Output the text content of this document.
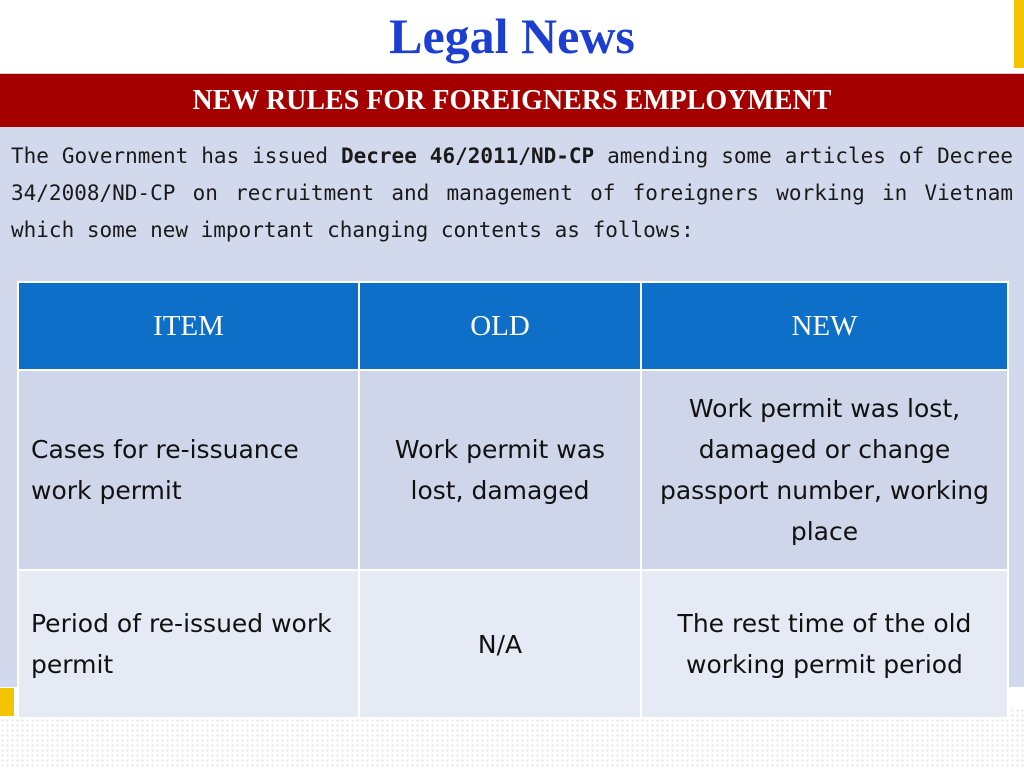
Legal News
NEW RULES FOR FOREIGNERS EMPLOYMENT
The Government has issued Decree 46/2011/ND-CP amending some articles of Decree 34/2008/ND-CP on recruitment and management of foreigners working in Vietnam which some new important changing contents as follows:
ITEM	OLD	NEW
Cases for re-issuance work permit	Work permit was lost, damaged	Work permit was lost, damaged or change passport number, working place
Period of re-issued work permit	N/A	The rest time of the old working permit period
